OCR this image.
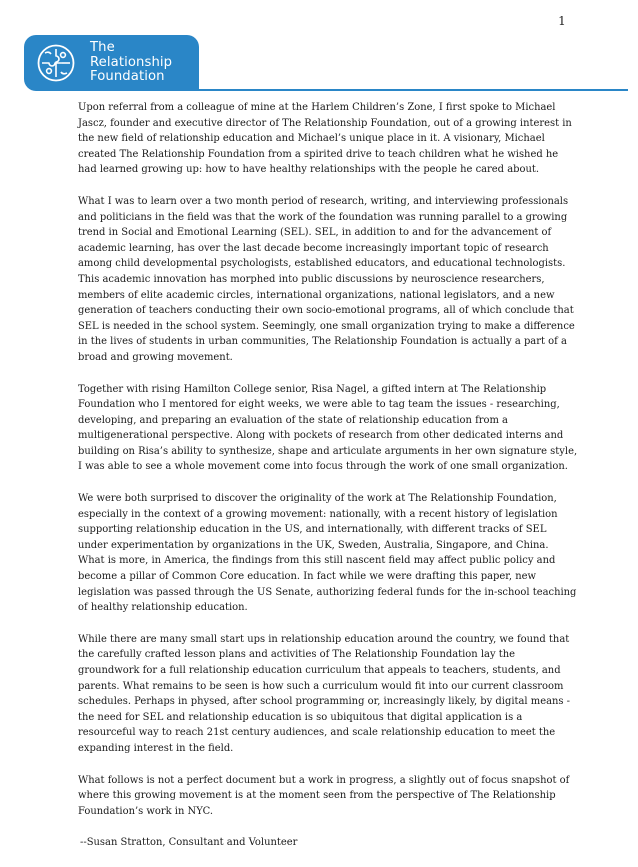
1
The
Relationship
Foundation

Upon referral from a colleague of mine at the Harlem Children’s Zone, I first spoke to Michael Jascz, founder and executive director of The Relationship Foundation, out of a growing interest in the new field of relationship education and Michael’s unique place in it. A visionary, Michael created The Relationship Foundation from a spirited drive to teach children what he wished he had learned growing up: how to have healthy relationships with the people he cared about.

What I was to learn over a two month period of research, writing, and interviewing professionals and politicians in the field was that the work of the foundation was running parallel to a growing trend in Social and Emotional Learning (SEL). SEL, in addition to and for the advancement of academic learning, has over the last decade become increasingly important topic of research among child developmental psychologists, established educators, and educational technologists. This academic innovation has morphed into public discussions by neuroscience researchers, members of elite academic circles, international organizations, national legislators, and a new generation of teachers conducting their own socio-emotional programs, all of which conclude that SEL is needed in the school system. Seemingly, one small organization trying to make a difference in the lives of students in urban communities, The Relationship Foundation is actually a part of a broad and growing movement.

Together with rising Hamilton College senior, Risa Nagel, a gifted intern at The Relationship Foundation who I mentored for eight weeks, we were able to tag team the issues - researching, developing, and preparing an evaluation of the state of relationship education from a multigenerational perspective. Along with pockets of research from other dedicated interns and building on Risa’s ability to synthesize, shape and articulate arguments in her own signature style, I was able to see a whole movement come into focus through the work of one small organization.

We were both surprised to discover the originality of the work at The Relationship Foundation, especially in the context of a growing movement: nationally, with a recent history of legislation supporting relationship education in the US, and internationally, with different tracks of SEL under experimentation by organizations in the UK, Sweden, Australia, Singapore, and China. What is more, in America, the findings from this still nascent field may affect public policy and become a pillar of Common Core education. In fact while we were drafting this paper, new legislation was passed through the US Senate, authorizing federal funds for the in-school teaching of healthy relationship education.

While there are many small start ups in relationship education around the country, we found that the carefully crafted lesson plans and activities of The Relationship Foundation lay the groundwork for a full relationship education curriculum that appeals to teachers, students, and parents. What remains to be seen is how such a curriculum would fit into our current classroom schedules. Perhaps in physed, after school programming or, increasingly likely, by digital means - the need for SEL and relationship education is so ubiquitous that digital application is a resourceful way to reach 21st century audiences, and scale relationship education to meet the expanding interest in the field.

What follows is not a perfect document but a work in progress, a slightly out of focus snapshot of where this growing movement is at the moment seen from the perspective of The Relationship Foundation’s work in NYC.

--Susan Stratton, Consultant and Volunteer
